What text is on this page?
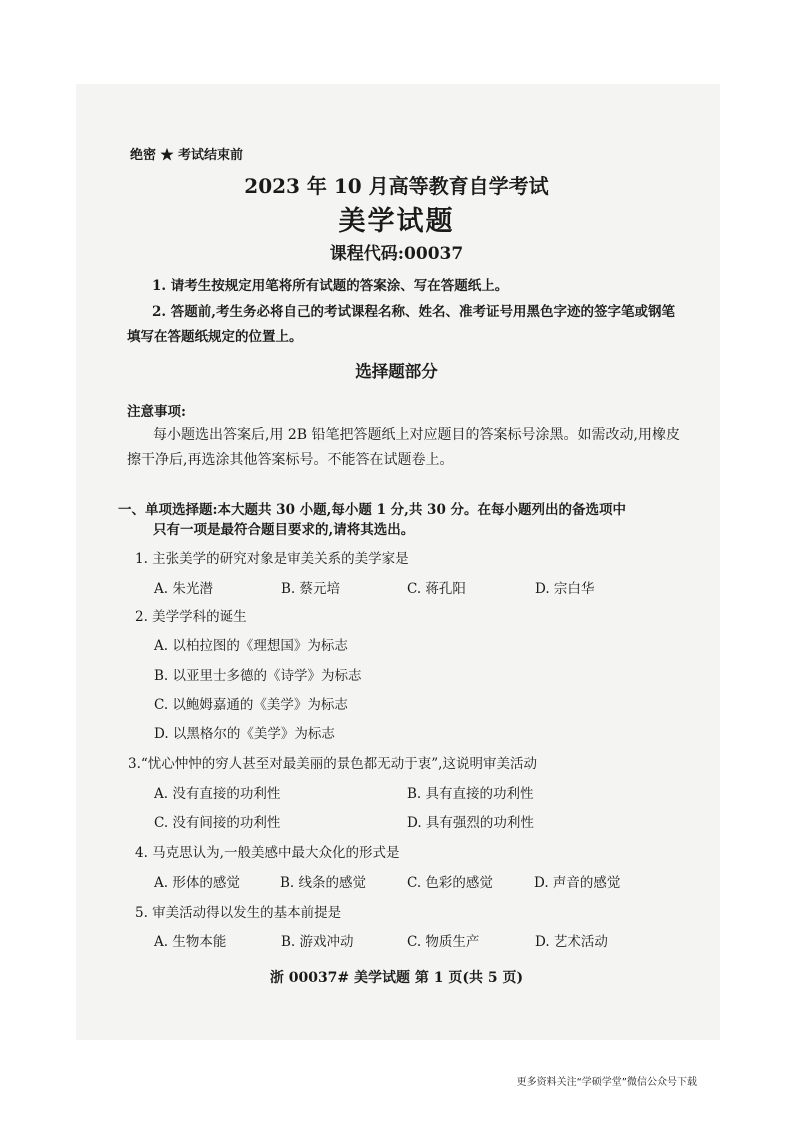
绝密 ★ 考试结束前
2023 年 10 月高等教育自学考试
美学试题
课程代码:00037
1. 请考生按规定用笔将所有试题的答案涂、写在答题纸上。
2. 答题前,考生务必将自己的考试课程名称、姓名、准考证号用黑色字迹的签字笔或钢笔
填写在答题纸规定的位置上。
选择题部分
注意事项:
每小题选出答案后,用 2B 铅笔把答题纸上对应题目的答案标号涂黑。如需改动,用橡皮
擦干净后,再选涂其他答案标号。不能答在试题卷上。
一、单项选择题:本大题共 30 小题,每小题 1 分,共 30 分。在每小题列出的备选项中
只有一项是最符合题目要求的,请将其选出。
1. 主张美学的研究对象是审美关系的美学家是
A. 朱光潜	B. 蔡元培	C. 蒋孔阳	D. 宗白华
2. 美学学科的诞生
A. 以柏拉图的《理想国》为标志
B. 以亚里士多德的《诗学》为标志
C. 以鲍姆嘉通的《美学》为标志
D. 以黑格尔的《美学》为标志
3.“忧心忡忡的穷人甚至对最美丽的景色都无动于衷”,这说明审美活动
A. 没有直接的功利性	B. 具有直接的功利性
C. 没有间接的功利性	D. 具有强烈的功利性
4. 马克思认为,一般美感中最大众化的形式是
A. 形体的感觉	B. 线条的感觉	C. 色彩的感觉	D. 声音的感觉
5. 审美活动得以发生的基本前提是
A. 生物本能	B. 游戏冲动	C. 物质生产	D. 艺术活动
浙 00037# 美学试题 第 1 页(共 5 页)
更多资料关注“学硕学堂”微信公众号下载
